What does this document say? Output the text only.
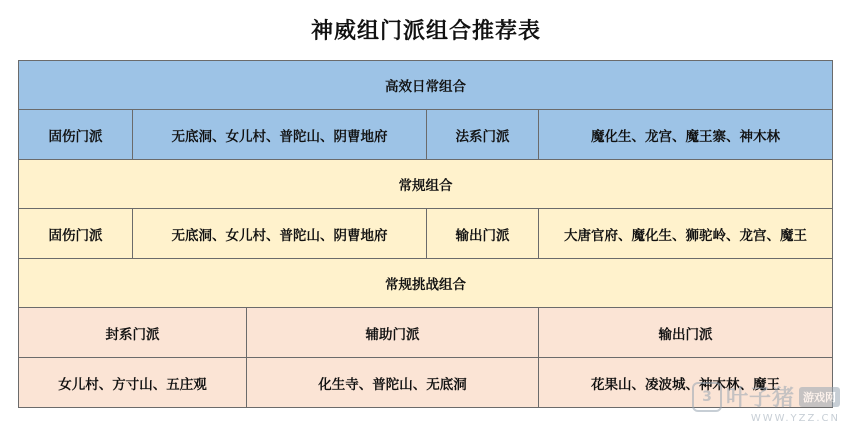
神威组门派组合推荐表
高效日常组合				
固伤门派	无底洞、女儿村、普陀山、阴曹地府		法系门派	魔化生、龙宫、魔王寨、神木林
常规组合				
固伤门派	无底洞、女儿村、普陀山、阴曹地府		输出门派	大唐官府、魔化生、狮驼岭、龙宫、魔王
常规挑战组合				
封系门派		辅助门派		输出门派
女儿村、方寸山、五庄观		化生寺、普陀山、无底洞		花果山、凌波城、神木林、魔王
3 叶子猪 游戏网
WWW.YZZ.CN
